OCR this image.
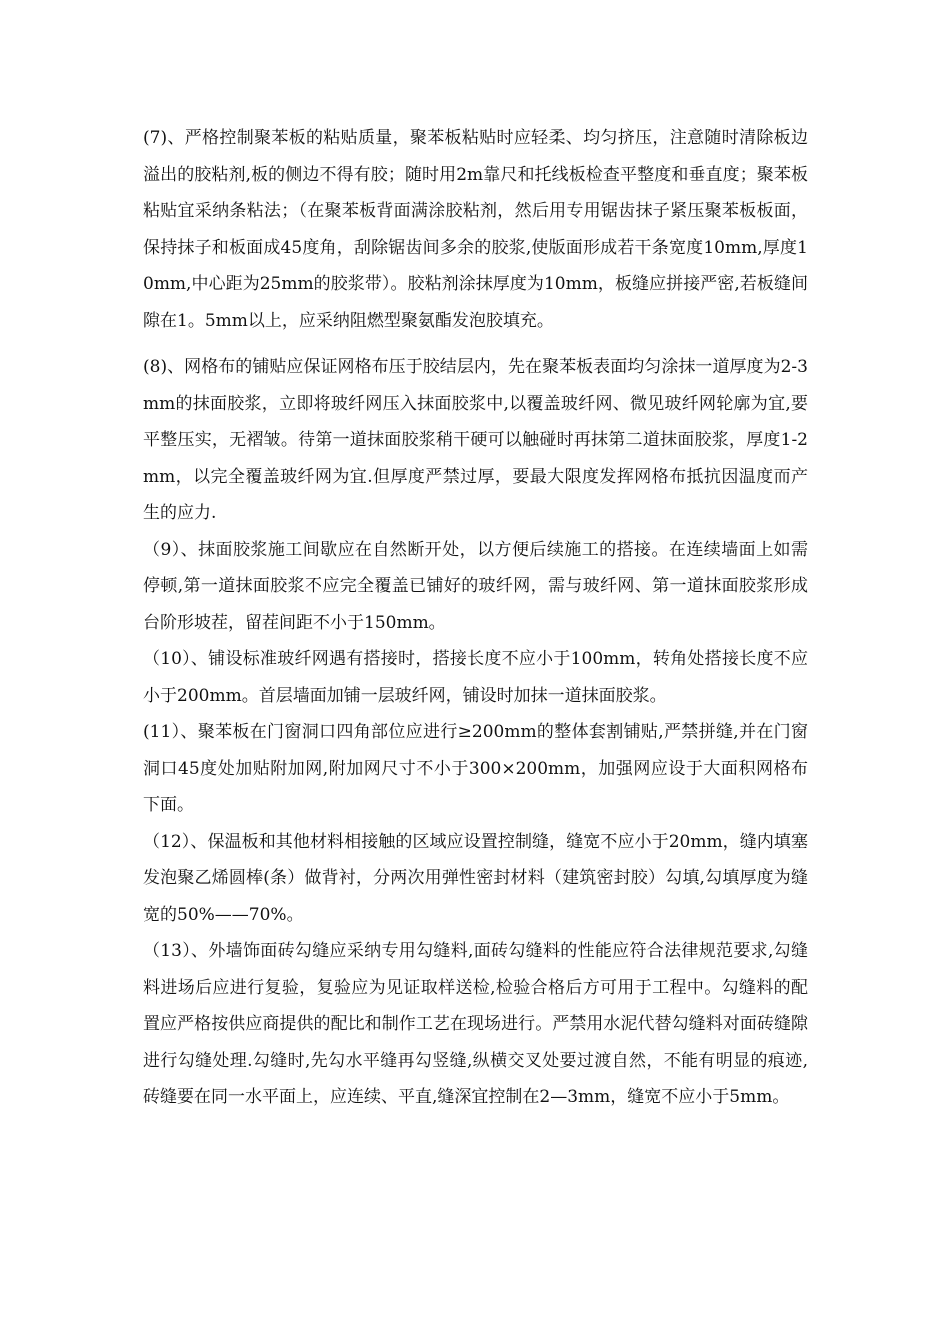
(7)、严格控制聚苯板的粘贴质量，聚苯板粘贴时应轻柔、均匀挤压，注意随时清除板边溢出的胶粘剂,板的侧边不得有胶；随时用2m靠尺和托线板检查平整度和垂直度；聚苯板粘贴宜采纳条粘法；（在聚苯板背面满涂胶粘剂，然后用专用锯齿抹子紧压聚苯板板面，保持抹子和板面成45度角，刮除锯齿间多余的胶浆,使版面形成若干条宽度10mm,厚度10mm,中心距为25mm的胶浆带）。胶粘剂涂抹厚度为10mm，板缝应拼接严密,若板缝间隙在1。5mm以上，应采纳阻燃型聚氨酯发泡胶填充。

(8)、网格布的铺贴应保证网格布压于胶结层内，先在聚苯板表面均匀涂抹一道厚度为2-3mm的抹面胶浆，立即将玻纤网压入抹面胶浆中,以覆盖玻纤网、微见玻纤网轮廓为宜,要平整压实，无褶皱。待第一道抹面胶浆稍干硬可以触碰时再抹第二道抹面胶浆，厚度1-2mm，以完全覆盖玻纤网为宜.但厚度严禁过厚，要最大限度发挥网格布抵抗因温度而产生的应力.

（9）、抹面胶浆施工间歇应在自然断开处，以方便后续施工的搭接。在连续墙面上如需停顿,第一道抹面胶浆不应完全覆盖已铺好的玻纤网，需与玻纤网、第一道抹面胶浆形成台阶形坡茬，留茬间距不小于150mm。

（10）、铺设标准玻纤网遇有搭接时，搭接长度不应小于100mm，转角处搭接长度不应小于200mm。首层墙面加铺一层玻纤网，铺设时加抹一道抹面胶浆。

(11）、聚苯板在门窗洞口四角部位应进行≥200mm的整体套割铺贴,严禁拼缝,并在门窗洞口45度处加贴附加网,附加网尺寸不小于300×200mm，加强网应设于大面积网格布下面。

（12）、保温板和其他材料相接触的区域应设置控制缝，缝宽不应小于20mm，缝内填塞发泡聚乙烯圆棒(条）做背衬，分两次用弹性密封材料（建筑密封胶）勾填,勾填厚度为缝宽的50%——70%。

（13）、外墙饰面砖勾缝应采纳专用勾缝料,面砖勾缝料的性能应符合法律规范要求,勾缝料进场后应进行复验，复验应为见证取样送检,检验合格后方可用于工程中。勾缝料的配置应严格按供应商提供的配比和制作工艺在现场进行。严禁用水泥代替勾缝料对面砖缝隙进行勾缝处理.勾缝时,先勾水平缝再勾竖缝,纵横交叉处要过渡自然，不能有明显的痕迹,砖缝要在同一水平面上，应连续、平直,缝深宜控制在2—3mm，缝宽不应小于5mm。
